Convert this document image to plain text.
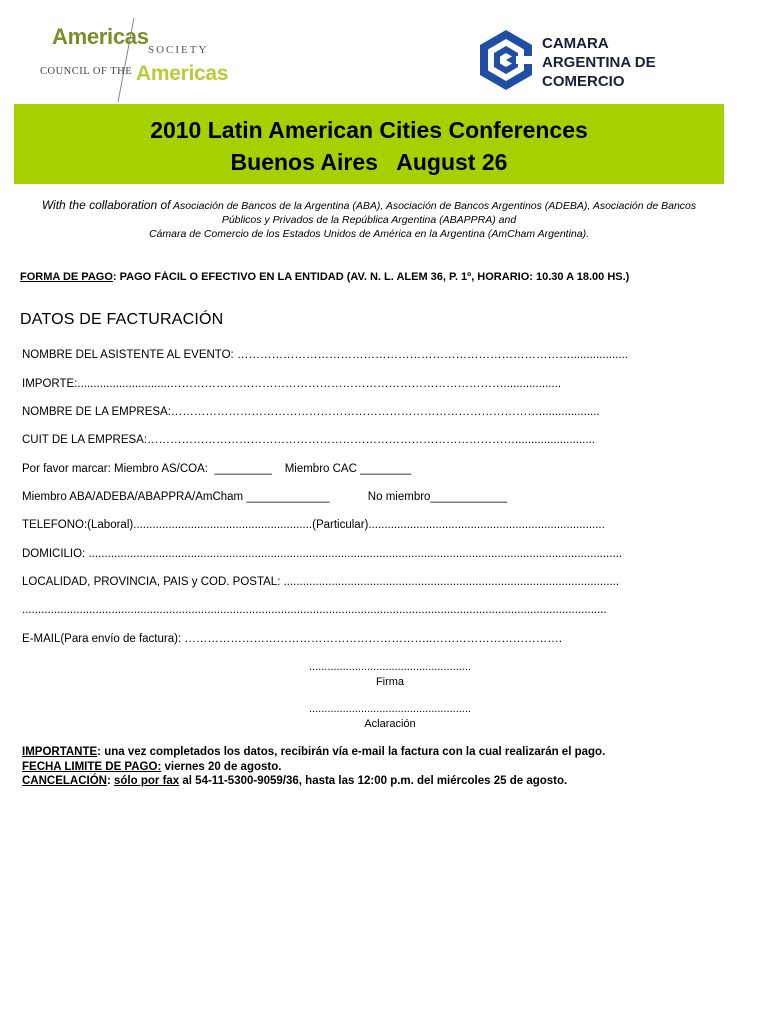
Americas
SOCIETY
COUNCIL OF THE Americas
CAMARA
ARGENTINA DE
COMERCIO
2010 Latin American Cities Conferences
Buenos Aires   August 26
With the collaboration of Asociación de Bancos de la Argentina (ABA), Asociación de Bancos Argentinos (ADEBA), Asociación de Bancos
Públicos y Privados de la República Argentina (ABAPPRA) and
Cámara de Comercio de los Estados Unidos de América en la Argentina (AmCham Argentina).
FORMA DE PAGO: PAGO FÁCIL O EFECTIVO EN LA ENTIDAD (AV. N. L. ALEM 36, P. 1º, HORARIO: 10.30 A 18.00 HS.)
DATOS DE FACTURACIÓN
NOMBRE DEL ASISTENTE AL EVENTO: ……………………………………………………………………………..................
IMPORTE:.............................……………………………………………………………………………..................
NOMBRE DE LA EMPRESA:……………………………………………………………………………………...................
CUIT DE LA EMPRESA:…………………………………………………………………………………….........................
Por favor marcar: Miembro AS/COA:  _________    Miembro CAC ________
Miembro ABA/ADEBA/ABAPPRA/AmCham _____________            No miembro____________
TELEFONO:(Laboral)........................................................(Particular)..........................................................................
DOMICILIO: .......................................................................................................................................................................
LOCALIDAD, PROVINCIA, PAIS y COD. POSTAL: .........................................................................................................
.......................................................................................................................................................................................
E-MAIL(Para envío de factura): ………………………………………………………..…………………………….
.....................................................
Firma
.....................................................
Aclaración
IMPORTANTE: una vez completados los datos, recibirán vía e-mail la factura con la cual realizarán el pago.
FECHA LIMITE DE PAGO: viernes 20 de agosto.
CANCELACIÓN: sólo por fax al 54-11-5300-9059/36, hasta las 12:00 p.m. del miércoles 25 de agosto.
